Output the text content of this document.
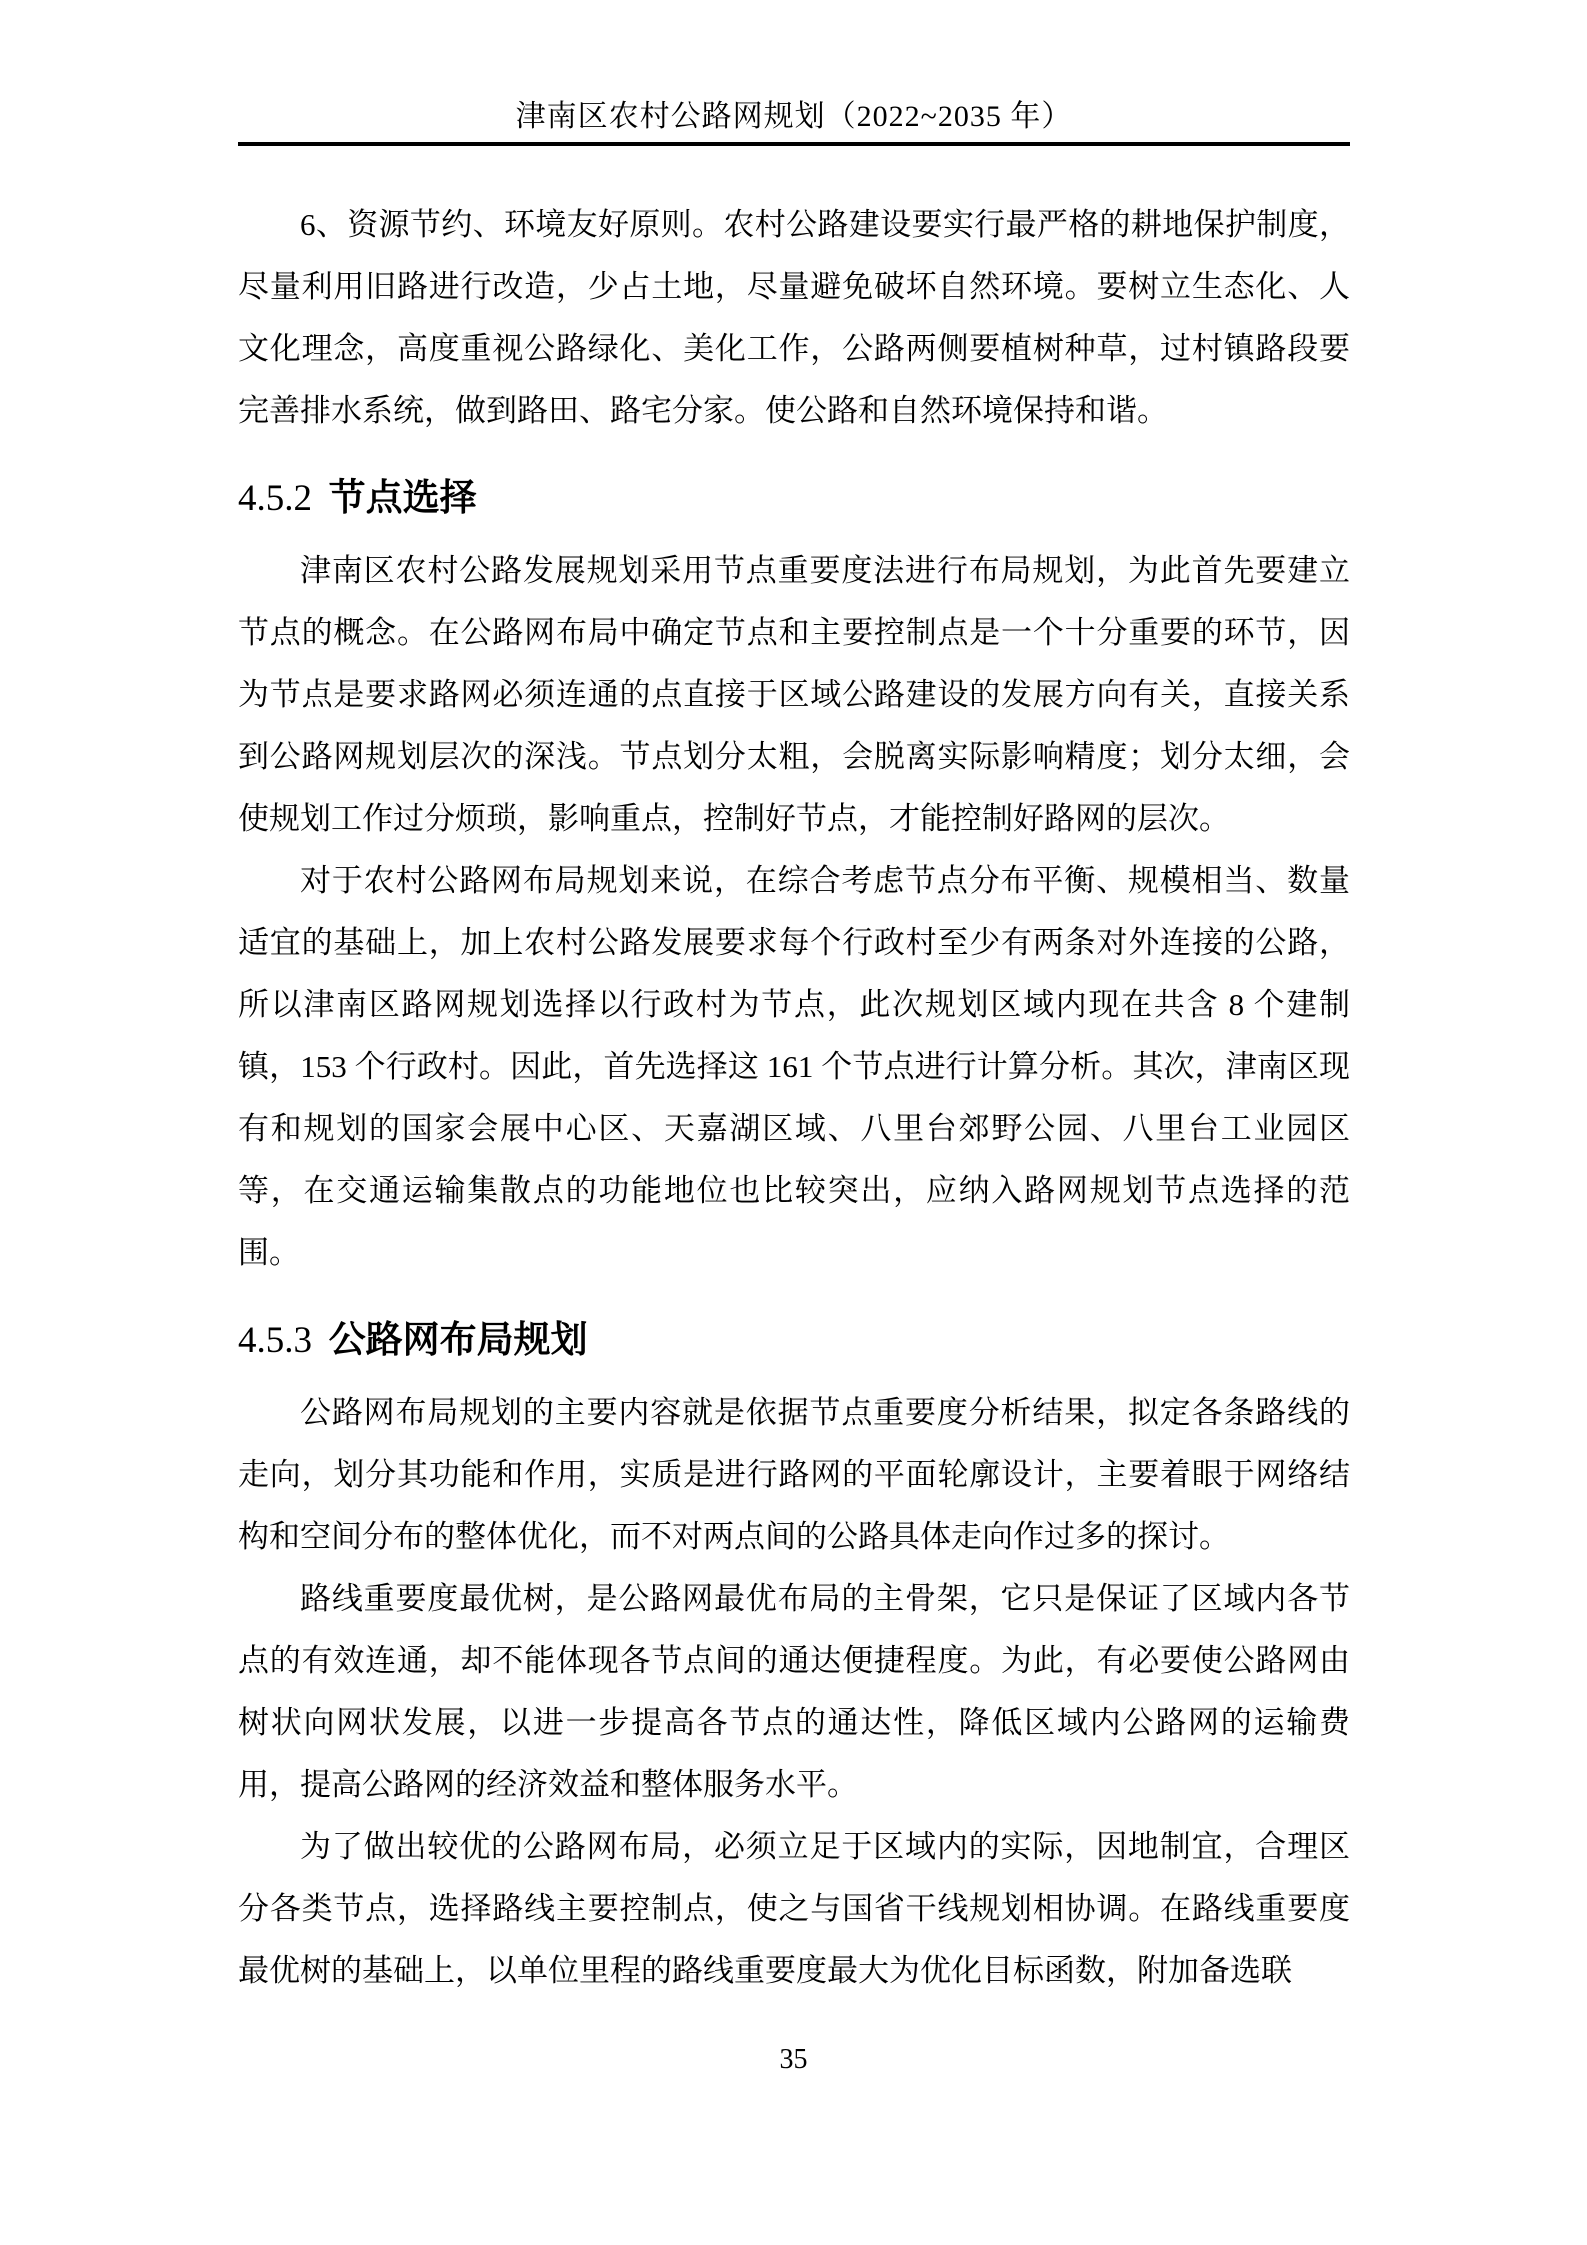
津南区农村公路网规划（2022~2035 年）

6、资源节约、环境友好原则。农村公路建设要实行最严格的耕地保护制度，尽量利用旧路进行改造，少占土地，尽量避免破坏自然环境。要树立生态化、人文化理念，高度重视公路绿化、美化工作，公路两侧要植树种草，过村镇路段要完善排水系统，做到路田、路宅分家。使公路和自然环境保持和谐。

4.5.2 节点选择

津南区农村公路发展规划采用节点重要度法进行布局规划，为此首先要建立节点的概念。在公路网布局中确定节点和主要控制点是一个十分重要的环节，因为节点是要求路网必须连通的点直接于区域公路建设的发展方向有关，直接关系到公路网规划层次的深浅。节点划分太粗，会脱离实际影响精度；划分太细，会使规划工作过分烦琐，影响重点，控制好节点，才能控制好路网的层次。

对于农村公路网布局规划来说，在综合考虑节点分布平衡、规模相当、数量适宜的基础上，加上农村公路发展要求每个行政村至少有两条对外连接的公路，所以津南区路网规划选择以行政村为节点，此次规划区域内现在共含 8 个建制镇，153 个行政村。因此，首先选择这 161 个节点进行计算分析。其次，津南区现有和规划的国家会展中心区、天嘉湖区域、八里台郊野公园、八里台工业园区等，在交通运输集散点的功能地位也比较突出，应纳入路网规划节点选择的范围。

4.5.3 公路网布局规划

公路网布局规划的主要内容就是依据节点重要度分析结果，拟定各条路线的走向，划分其功能和作用，实质是进行路网的平面轮廓设计，主要着眼于网络结构和空间分布的整体优化，而不对两点间的公路具体走向作过多的探讨。

路线重要度最优树，是公路网最优布局的主骨架，它只是保证了区域内各节点的有效连通，却不能体现各节点间的通达便捷程度。为此，有必要使公路网由树状向网状发展，以进一步提高各节点的通达性，降低区域内公路网的运输费用，提高公路网的经济效益和整体服务水平。

为了做出较优的公路网布局，必须立足于区域内的实际，因地制宜，合理区分各类节点，选择路线主要控制点，使之与国省干线规划相协调。在路线重要度最优树的基础上，以单位里程的路线重要度最大为优化目标函数，附加备选联

35
